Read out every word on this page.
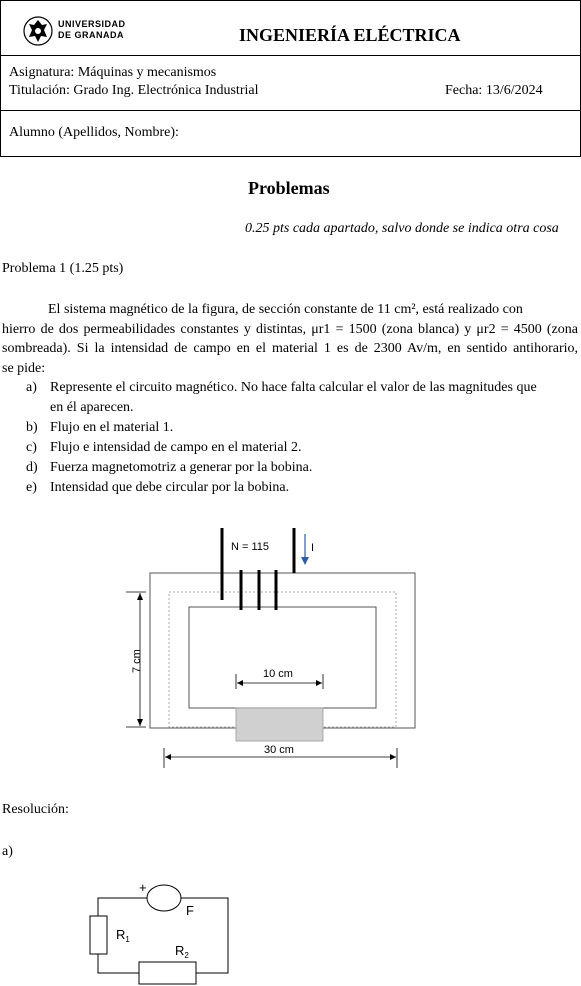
UNIVERSIDAD
DE GRANADA	INGENIERÍA ELÉCTRICA
Asignatura: Máquinas y mecanismos
Titulación: Grado Ing. Electrónica Industrial	Fecha: 13/6/2024
Alumno (Apellidos, Nombre):
Problemas
0.25 pts cada apartado, salvo donde se indica otra cosa
Problema 1 (1.25 pts)
El sistema magnético de la figura, de sección constante de 11 cm², está realizado con
hierro de dos permeabilidades constantes y distintas, μr1 = 1500 (zona blanca) y μr2 = 4500 (zona
sombreada). Si la intensidad de campo en el material 1 es de 2300 Av/m, en sentido antihorario,
se pide:
a) Represente el circuito magnético. No hace falta calcular el valor de las magnitudes que
en él aparecen.
b) Flujo en el material 1.
c) Flujo e intensidad de campo en el material 2.
d) Fuerza magnetomotriz a generar por la bobina.
e) Intensidad que debe circular por la bobina.
N = 115	I
7 cm
10 cm
30 cm
Resolución:
a)
+
F
$R_1$
$R_2$
